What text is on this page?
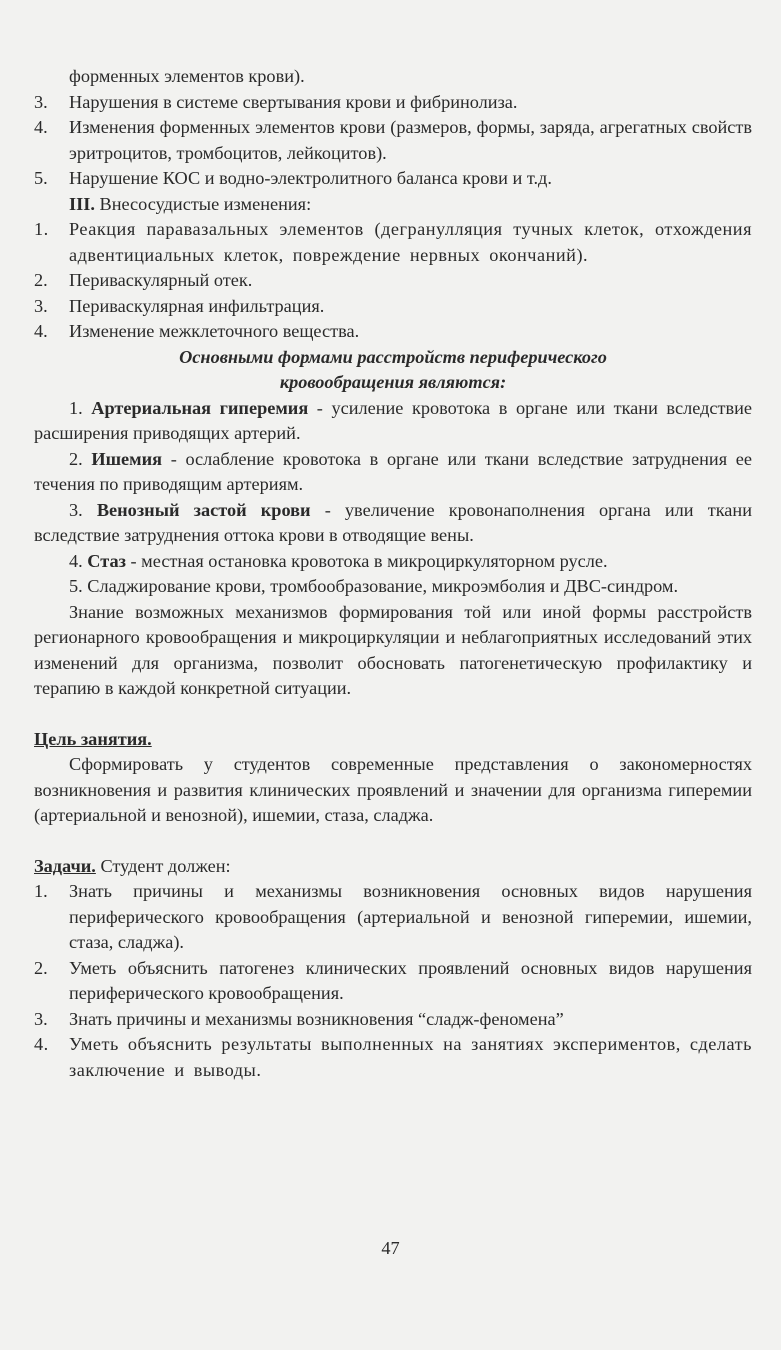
форменных элементов крови).

3. Нарушения в системе свертывания крови и фибринолиза.
4. Изменения форменных элементов крови (размеров, формы, заряда, агрегатных свойств эритроцитов, тромбоцитов, лейкоцитов).
5. Нарушение КОС и водно-электролитного баланса крови и т.д.

III. Внесосудистые изменения:

1. Реакция паравазальных элементов (дегранулляция тучных клеток, отхождения адвентициальных клеток, повреждение нервных окончаний).
2. Периваскулярный отек.
3. Периваскулярная инфильтрация.
4. Изменение межклеточного вещества.

Основными формами расстройств периферического

кровообращения являются:

1. Артериальная гиперемия - усиление кровотока в органе или ткани вследствие расширения приводящих артерий.

2. Ишемия - ослабление кровотока в органе или ткани вследствие затруднения ее течения по приводящим артериям.

3. Венозный застой крови - увеличение кровонаполнения органа или ткани вследствие затруднения оттока крови в отводящие вены.

4. Стаз - местная остановка кровотока в микроциркуляторном русле.

5. Сладжирование крови, тромбообразование, микроэмболия и ДВС-синдром.

Знание возможных механизмов формирования той или иной формы расстройств регионарного кровообращения и микроциркуляции и неблагоприятных исследований этих изменений для организма, позволит обосновать патогенетическую профилактику и терапию в каждой конкретной ситуации.

Цель занятия.

Сформировать у студентов современные представления о закономерностях возникновения и развития клинических проявлений и значении для организма гиперемии (артериальной и венозной), ишемии, стаза, сладжа.

Задачи. Студент должен:

1. Знать причины и механизмы возникновения основных видов нарушения периферического кровообращения (артериальной и венозной гиперемии, ишемии, стаза, сладжа).
2. Уметь объяснить патогенез клинических проявлений основных видов нарушения периферического кровообращения.
3. Знать причины и механизмы возникновения “сладж-феномена”
4. Уметь объяснить результаты выполненных на занятиях экспериментов, сделать заключение и выводы.
47
